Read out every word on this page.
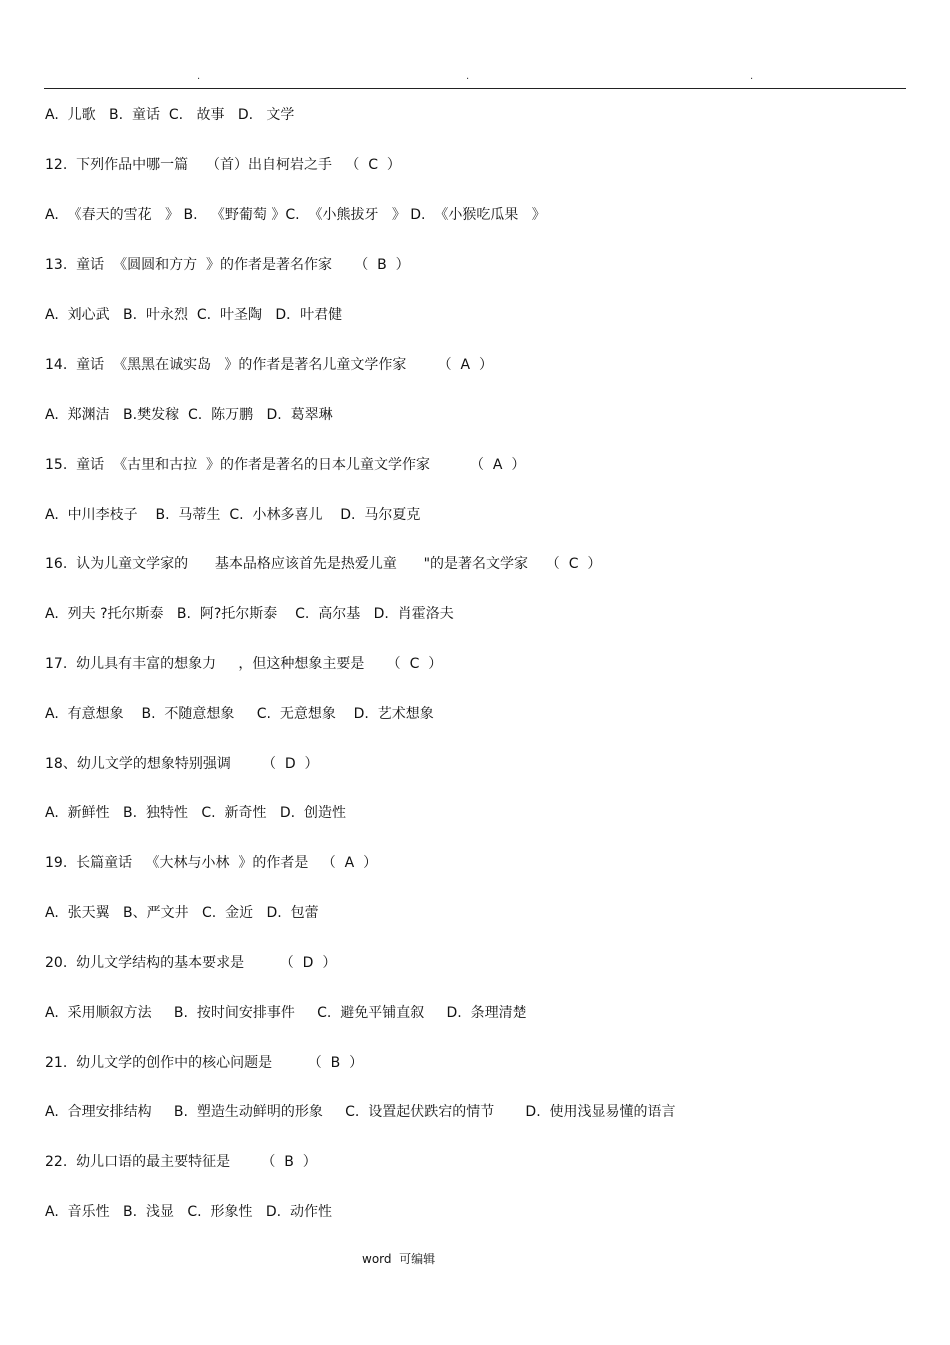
.	.	.
A.  儿歌   B.  童话  C.   故事   D.   文学
12.  下列作品中哪一篇    （首）出自柯岩之手   （  C  ）
A.  《春天的雪花   》 B.   《野葡萄 》C.  《小熊拔牙   》 D.  《小猴吃瓜果   》
13.  童话  《圆圆和方方  》的作者是著名作家     （  B  ）
A.  刘心武   B.  叶永烈  C.  叶圣陶   D．叶君健
14.  童话  《黑黑在诚实岛   》的作者是著名儿童文学作家       （  A  ）
A.  郑渊洁   B.樊发稼  C.  陈万鹏   D.  葛翠琳
15.  童话  《古里和古拉  》的作者是著名的日本儿童文学作家         （  A  ）
A.  中川李枝子    B.  马蒂生  C.  小林多喜儿    D.  马尔夏克
16.  认为儿童文学家的      基本品格应该首先是热爱儿童      "的是著名文学家    （  C  ）
A.  列夫 ?托尔斯泰   B.  阿?托尔斯泰    C.  高尔基   D.  肖霍洛夫
17.  幼儿具有丰富的想象力     ，但这种想象主要是     （  C  ）
A.  有意想象    B.  不随意想象     C.  无意想象    D.  艺术想象
18、幼儿文学的想象特别强调       （  D  ）
A.  新鲜性   B.  独特性   C.  新奇性   D.  创造性
19.  长篇童话   《大林与小林  》的作者是   （  A  ）
A.  张天翼   B、严文井   C.  金近   D.  包蕾
20.  幼儿文学结构的基本要求是        （  D  ）
A.  采用顺叙方法     B.  按时间安排事件     C.  避免平铺直叙     D.  条理清楚
21.  幼儿文学的创作中的核心问题是        （  B  ）
A.  合理安排结构     B.  塑造生动鲜明的形象     C.  设置起伏跌宕的情节       D.  使用浅显易懂的语言
22.  幼儿口语的最主要特征是       （  B  ）
A.  音乐性   B.  浅显   C.  形象性   D.  动作性
word  可编辑
